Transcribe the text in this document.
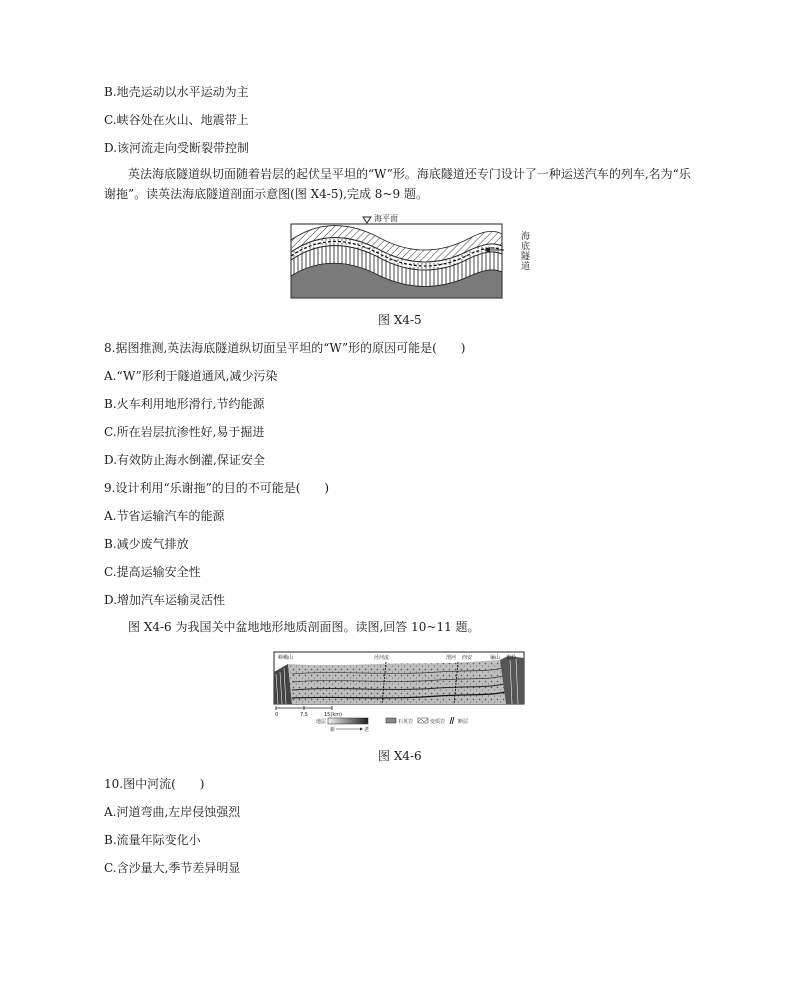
B.地壳运动以水平运动为主
C.峡谷处在火山、地震带上
D.该河流走向受断裂带控制
英法海底隧道纵切面随着岩层的起伏呈平坦的“W”形。海底隧道还专门设计了一种运送汽车的列车,名为“乐谢拖”。读英法海底隧道剖面示意图(图 X4-5),完成 8~9 题。
海平面
海底隧道
图 X4-5
8.据图推测,英法海底隧道纵切面呈平坦的“W”形的原因可能是(　　)
A.“W”形利于隧道通风,减少污染
B.火车利用地形滑行,节约能源
C.所在岩层抗渗性好,易于掘进
D.有效防止海水倒灌,保证安全
9.设计利用“乐谢拖”的目的不可能是(　　)
A.节省运输汽车的能源
B.减少废气排放
C.提高运输安全性
D.增加汽车运输灵活性
图 X4-6 为我国关中盆地地形地质剖面图。读图,回答 10~11 题。
嵯峨山	泾河流	渭河 西安	骊山 秦岭
0	7.5	15(km)
地层
新	老
石英岩	变质岩	断层
图 X4-6
10.图中河流(　　)
A.河道弯曲,左岸侵蚀强烈
B.流量年际变化小
C.含沙量大,季节差异明显
